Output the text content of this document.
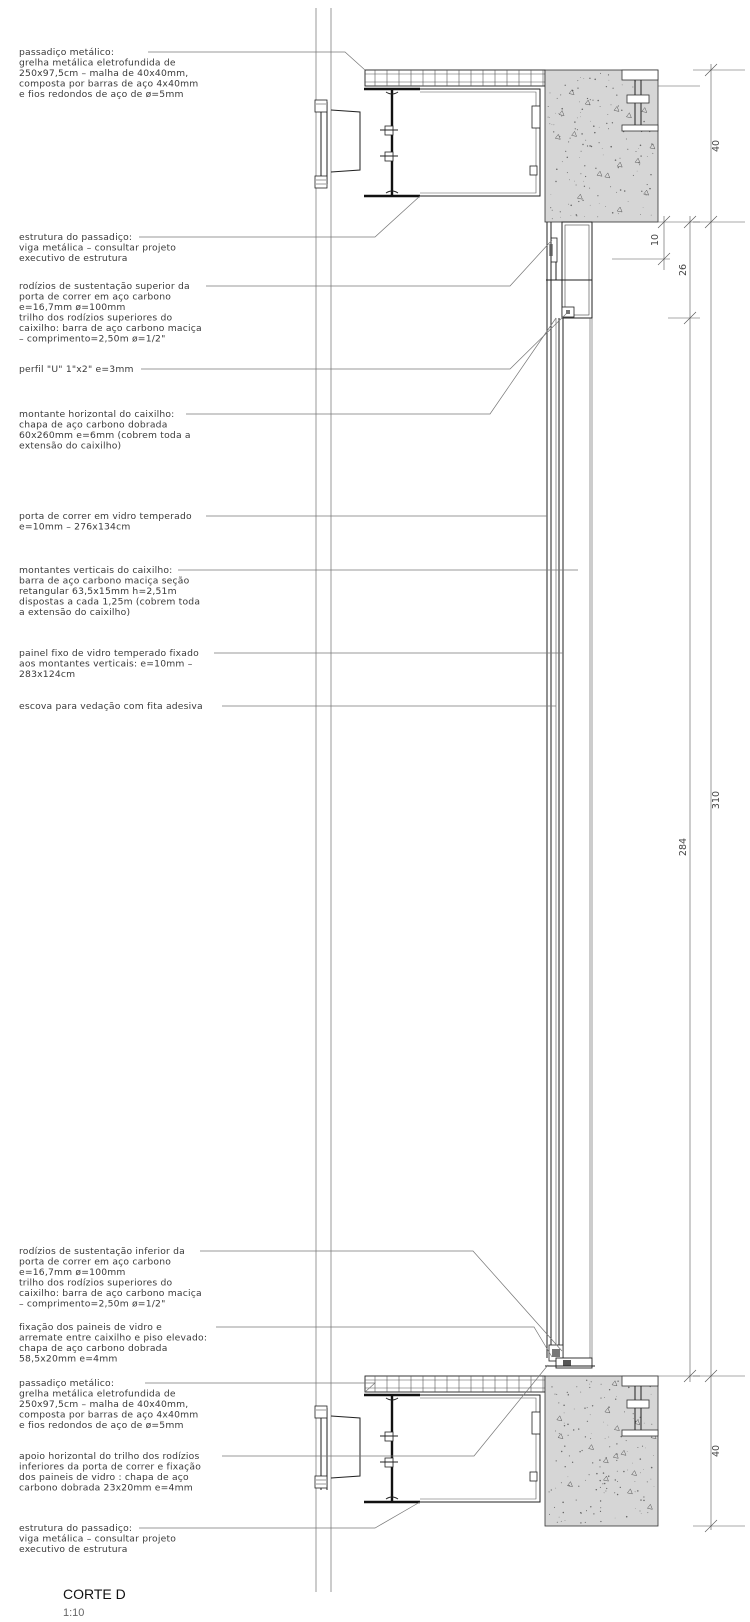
40
310
40
26
284
10
passadiço metálico: grelha metálica eletrofundida de 250x97,5cm – malha de 40x40mm, composta por barras de aço 4x40mm e fios redondos de aço de ø=5mm
estrutura do passadiço: viga metálica – consultar projeto executivo de estrutura
rodízios de sustentação superior da porta de correr em aço carbono e=16,7mm ø=100mm trilho dos rodízios superiores do caixilho: barra de aço carbono maciça – comprimento=2,50m ø=1/2"
perfil "U" 1"x2" e=3mm
montante horizontal do caixilho: chapa de aço carbono dobrada 60x260mm e=6mm (cobrem toda a extensão do caixilho)
porta de correr em vidro temperado e=10mm – 276x134cm
montantes verticais do caixilho: barra de aço carbono maciça seção retangular 63,5x15mm h=2,51m dispostas a cada 1,25m (cobrem toda a extensão do caixilho)
painel fixo de vidro temperado fixado aos montantes verticais: e=10mm – 283x124cm
escova para vedação com fita adesiva
rodízios de sustentação inferior da porta de correr em aço carbono e=16,7mm ø=100mm trilho dos rodízios superiores do caixilho: barra de aço carbono maciça – comprimento=2,50m ø=1/2"
fixação dos paineis de vidro e arremate entre caixilho e piso elevado: chapa de aço carbono dobrada 58,5x20mm e=4mm
passadiço metálico: grelha metálica eletrofundida de 250x97,5cm – malha de 40x40mm, composta por barras de aço 4x40mm e fios redondos de aço de ø=5mm
apoio horizontal do trilho dos rodízios inferiores da porta de correr e fixação dos paineis de vidro : chapa de aço carbono dobrada 23x20mm e=4mm
estrutura do passadiço: viga metálica – consultar projeto executivo de estrutura
CORTE D
1:10
